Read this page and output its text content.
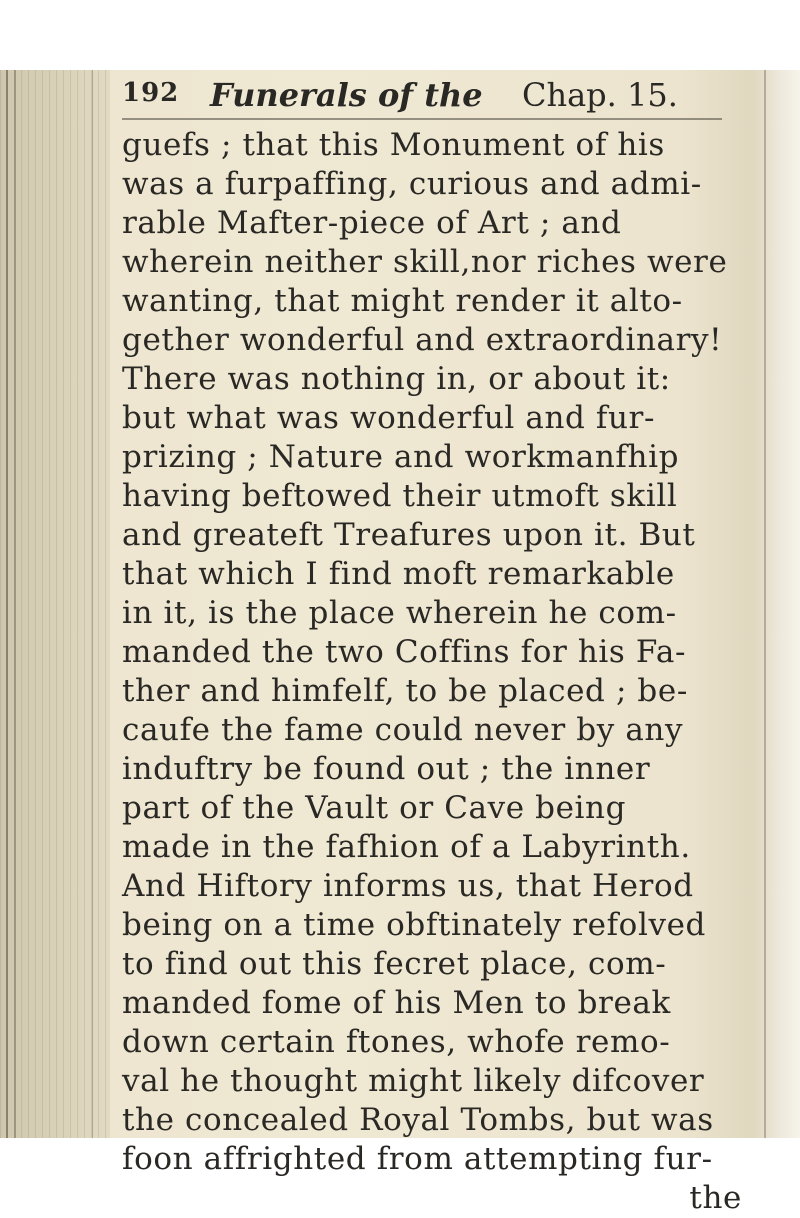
192 Funerals of the Chap. 15.
guefs ; that this Monument of his
was a furpaffing, curious and admi-
rable Mafter-piece of Art ; and
wherein neither skill,nor riches were
wanting, that might render it alto-
gether wonderful and extraordinary!
There was nothing in, or about it:
but what was wonderful and fur-
prizing ; Nature and workmanfhip
having beftowed their utmoft skill
and greateft Treafures upon it. But
that which I find moft remarkable
in it, is the place wherein he com-
manded the two Coffins for his Fa-
ther and himfelf, to be placed ; be-
caufe the fame could never by any
induftry be found out ; the inner
part of the Vault or Cave being
made in the fafhion of a Labyrinth.
And Hiftory informs us, that Herod
being on a time obftinately refolved
to find out this fecret place, com-
manded fome of his Men to break
down certain ftones, whofe remo-
val he thought might likely difcover
the concealed Royal Tombs, but was
foon affrighted from attempting fur-
the
